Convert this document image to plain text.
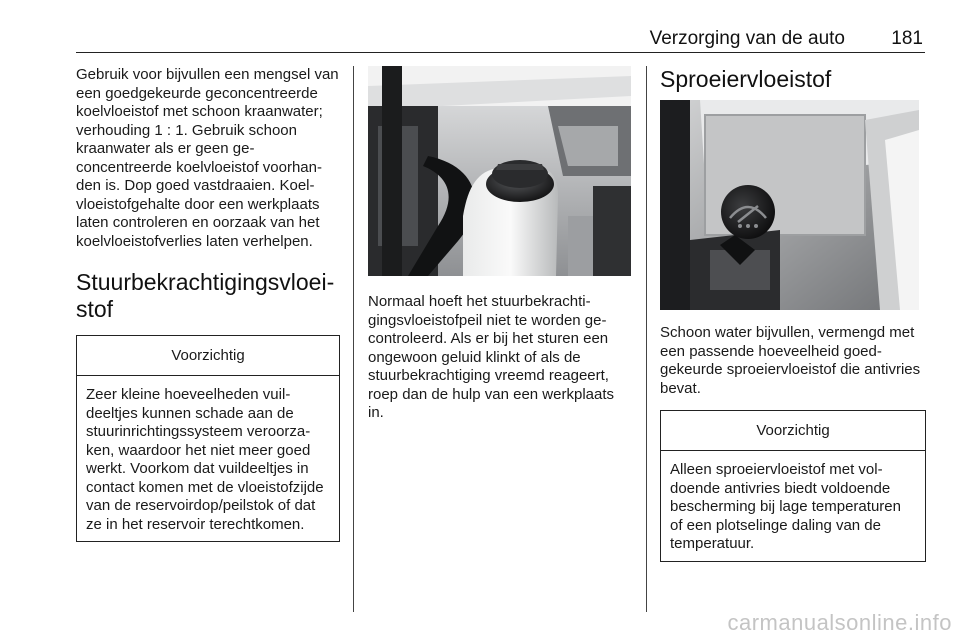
Verzorging van de auto 181

Gebruik voor bijvullen een mengsel van een goedgekeurde geconcentreerde koelvloeistof met schoon kraanwater; verhouding 1 : 1. Gebruik schoon kraanwater als er geen geconcentreerde koelvloeistof voorhanden is. Dop goed vastdraaien. Koelvloeistofgehalte door een werkplaats laten controleren en oorzaak van het koelvloeistofverlies laten verhelpen.

Stuurbekrachtigingsvloeistof
Voorzichtig
Zeer kleine hoeveelheden vuildeeltjes kunnen schade aan de stuurinrichtingssysteem veroorzaken, waardoor het niet meer goed werkt. Voorkom dat vuildeeltjes in contact komen met de vloeistofzijde van de reservoirdop/peilstok of dat ze in het reservoir terechtkomen.

Normaal hoeft het stuurbekrachtigingsvloeistofpeil niet te worden gecontroleerd. Als er bij het sturen een ongewoon geluid klinkt of als de stuurbekrachtiging vreemd reageert, roep dan de hulp van een werkplaats in.

Sproeiervloeistof

Schoon water bijvullen, vermengd met een passende hoeveelheid goedgekeurde sproeiervloeistof die antivries bevat.

Voorzichtig
Alleen sproeiervloeistof met voldoende antivries biedt voldoende bescherming bij lage temperaturen of een plotselinge daling van de temperatuur.
carmanualsonline.info
